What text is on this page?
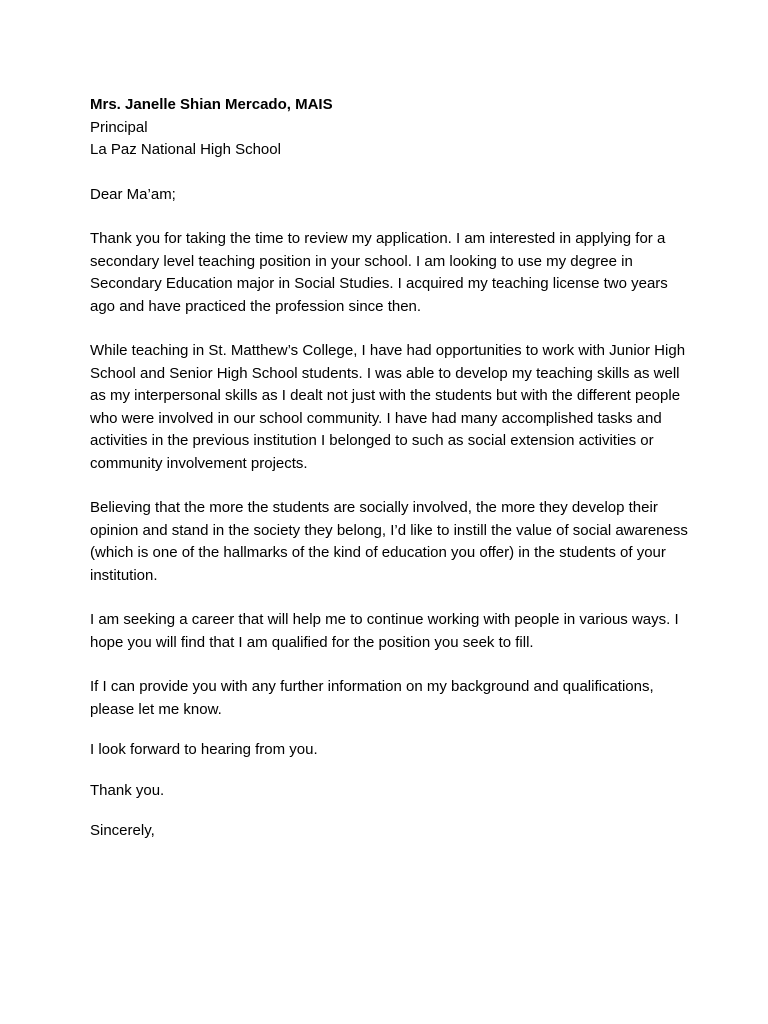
Mrs. Janelle Shian Mercado, MAIS

Principal

La Paz National High School

Dear Ma’am;

Thank you for taking the time to review my application. I am interested in applying for a secondary level teaching position in your school. I am looking to use my degree in Secondary Education major in Social Studies. I acquired my teaching license two years ago and have practiced the profession since then.

While teaching in St. Matthew’s College, I have had opportunities to work with Junior High School and Senior High School students. I was able to develop my teaching skills as well as my interpersonal skills as I dealt not just with the students but with the different people who were involved in our school community. I have had many accomplished tasks and activities in the previous institution I belonged to such as social extension activities or community involvement projects.

Believing that the more the students are socially involved, the more they develop their opinion and stand in the society they belong, I’d like to instill the value of social awareness (which is one of the hallmarks of the kind of education you offer) in the students of your institution.

I am seeking a career that will help me to continue working with people in various ways. I hope you will find that I am qualified for the position you seek to fill.

If I can provide you with any further information on my background and qualifications, please let me know.

I look forward to hearing from you.

Thank you.

Sincerely,
